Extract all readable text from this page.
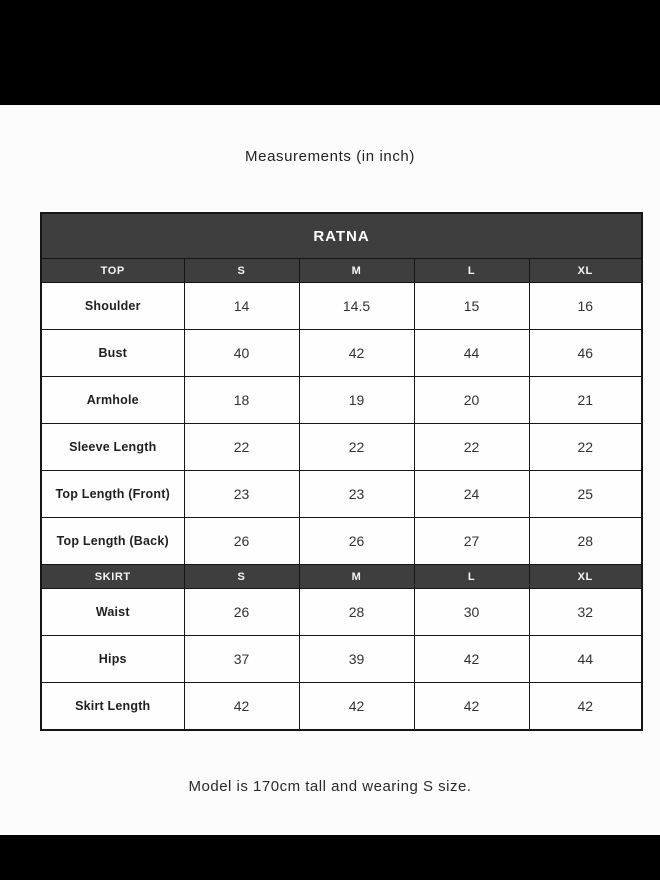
Measurements (in inch)
RATNA				
TOP	S	M	L	XL
Shoulder	14	14.5	15	16
Bust	40	42	44	46
Armhole	18	19	20	21
Sleeve Length	22	22	22	22
Top Length (Front)	23	23	24	25
Top Length (Back)	26	26	27	28
SKIRT	S	M	L	XL
Waist	26	28	30	32
Hips	37	39	42	44
Skirt Length	42	42	42	42
Model is 170cm tall and wearing S size.
